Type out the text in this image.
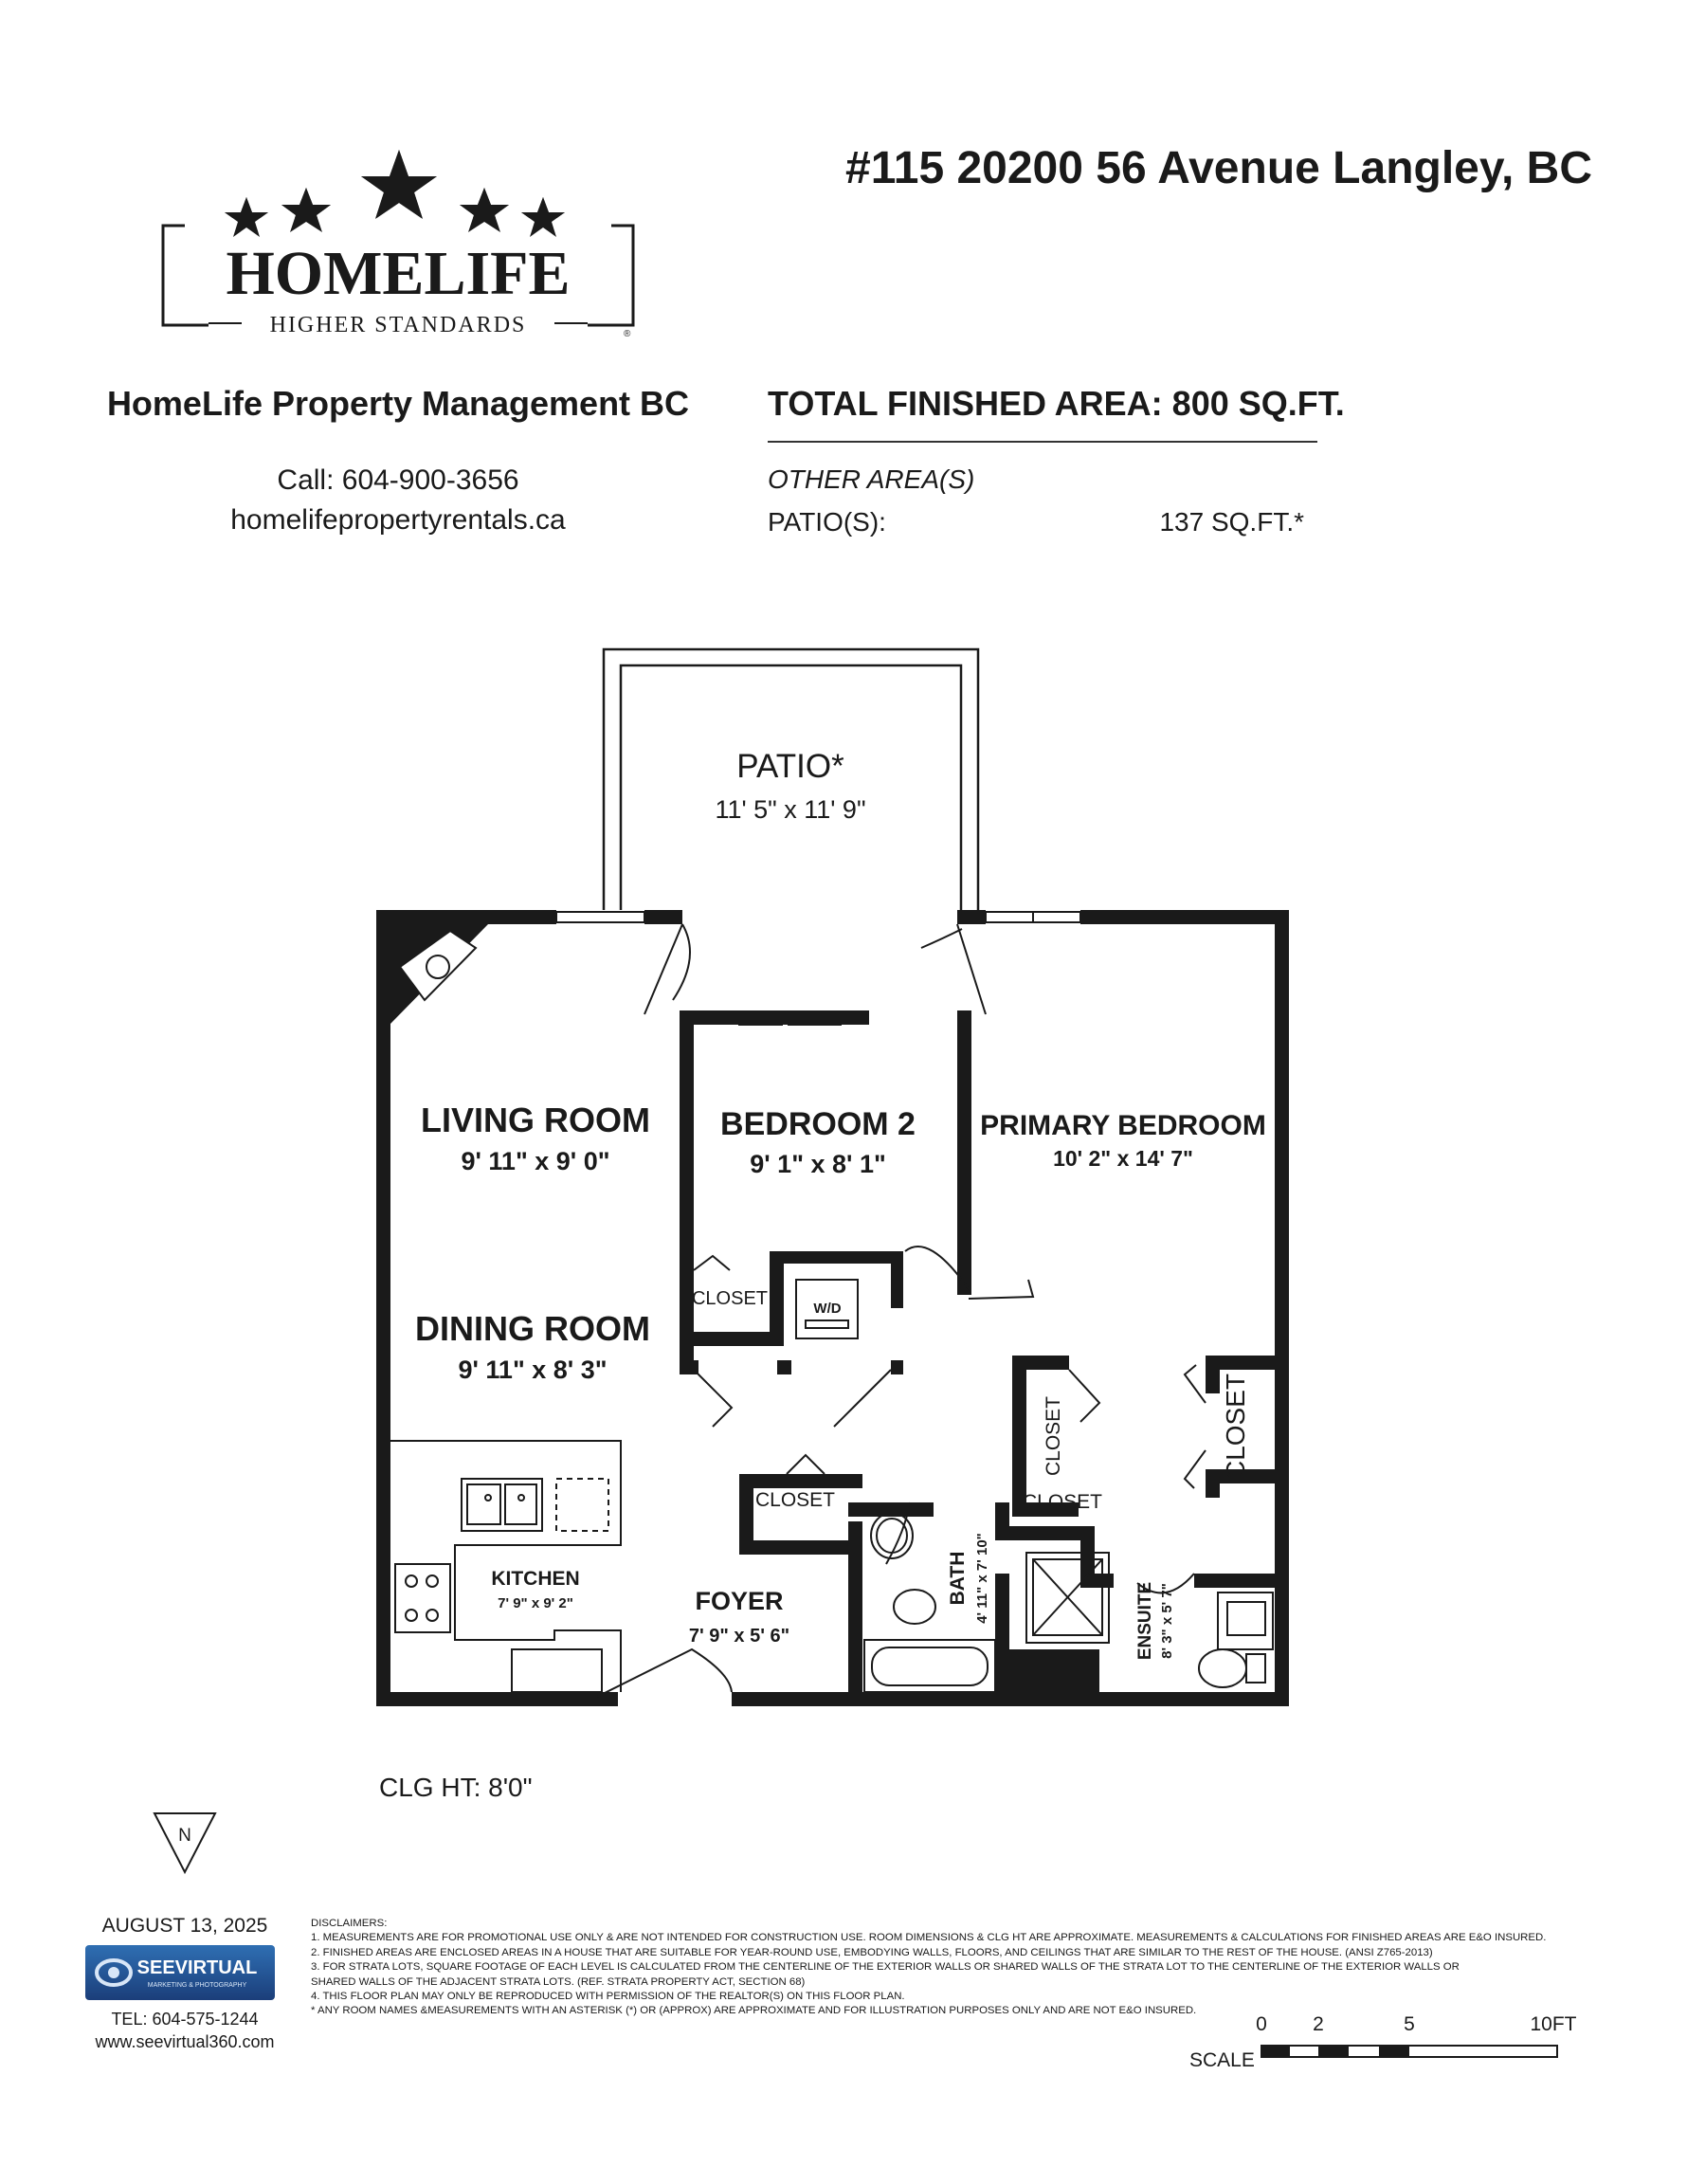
#115 20200 56 Avenue Langley, BC
HOMELIFE
HIGHER STANDARDS	®
HomeLife Property Management BC
Call: 604-900-3656
homelifepropertyrentals.ca
TOTAL FINISHED AREA: 800 SQ.FT.
OTHER AREA(S)
PATIO(S):	137 SQ.FT.*
PATIO*
11' 5" x 11' 9"
LIVING ROOM
9' 11" x 9' 0"
DINING ROOM
9' 11" x 8' 3"
BEDROOM 2
9' 1" x 8' 1"
PRIMARY BEDROOM
10' 2" x 14' 7"
KITCHEN
7' 9" x 9' 2"	FOYER
7' 9" x 5' 6"
CLOSET	W/D
CLOSET	CLOSET
CLOSET	CLOSET
BATH 4' 11" x 7' 10"	ENSUITE 8' 3" x 5' 7"
CLG HT: 8'0"
N
AUGUST 13, 2025
SEEVIRTUAL
MARKETING & PHOTOGRAPHY
TEL: 604-575-1244
www.seevirtual360.com
DISCLAIMERS:
1. MEASUREMENTS ARE FOR PROMOTIONAL USE ONLY & ARE NOT INTENDED FOR CONSTRUCTION USE. ROOM DIMENSIONS & CLG HT ARE APPROXIMATE. MEASUREMENTS & CALCULATIONS FOR FINISHED AREAS ARE E&O INSURED.
2. FINISHED AREAS ARE ENCLOSED AREAS IN A HOUSE THAT ARE SUITABLE FOR YEAR-ROUND USE, EMBODYING WALLS, FLOORS, AND CEILINGS THAT ARE SIMILAR TO THE REST OF THE HOUSE. (ANSI Z765-2013)
3. FOR STRATA LOTS, SQUARE FOOTAGE OF EACH LEVEL IS CALCULATED FROM THE CENTERLINE OF THE EXTERIOR WALLS OR SHARED WALLS OF THE STRATA LOT TO THE CENTERLINE OF THE EXTERIOR WALLS OR
SHARED WALLS OF THE ADJACENT STRATA LOTS. (REF. STRATA PROPERTY ACT, SECTION 68)
4. THIS FLOOR PLAN MAY ONLY BE REPRODUCED WITH PERMISSION OF THE REALTOR(S) ON THIS FLOOR PLAN.
* ANY ROOM NAMES &MEASUREMENTS WITH AN ASTERISK (*) OR (APPROX) ARE APPROXIMATE AND FOR ILLUSTRATION PURPOSES ONLY AND ARE NOT E&O INSURED.
0 2	5	10FT
SCALE
